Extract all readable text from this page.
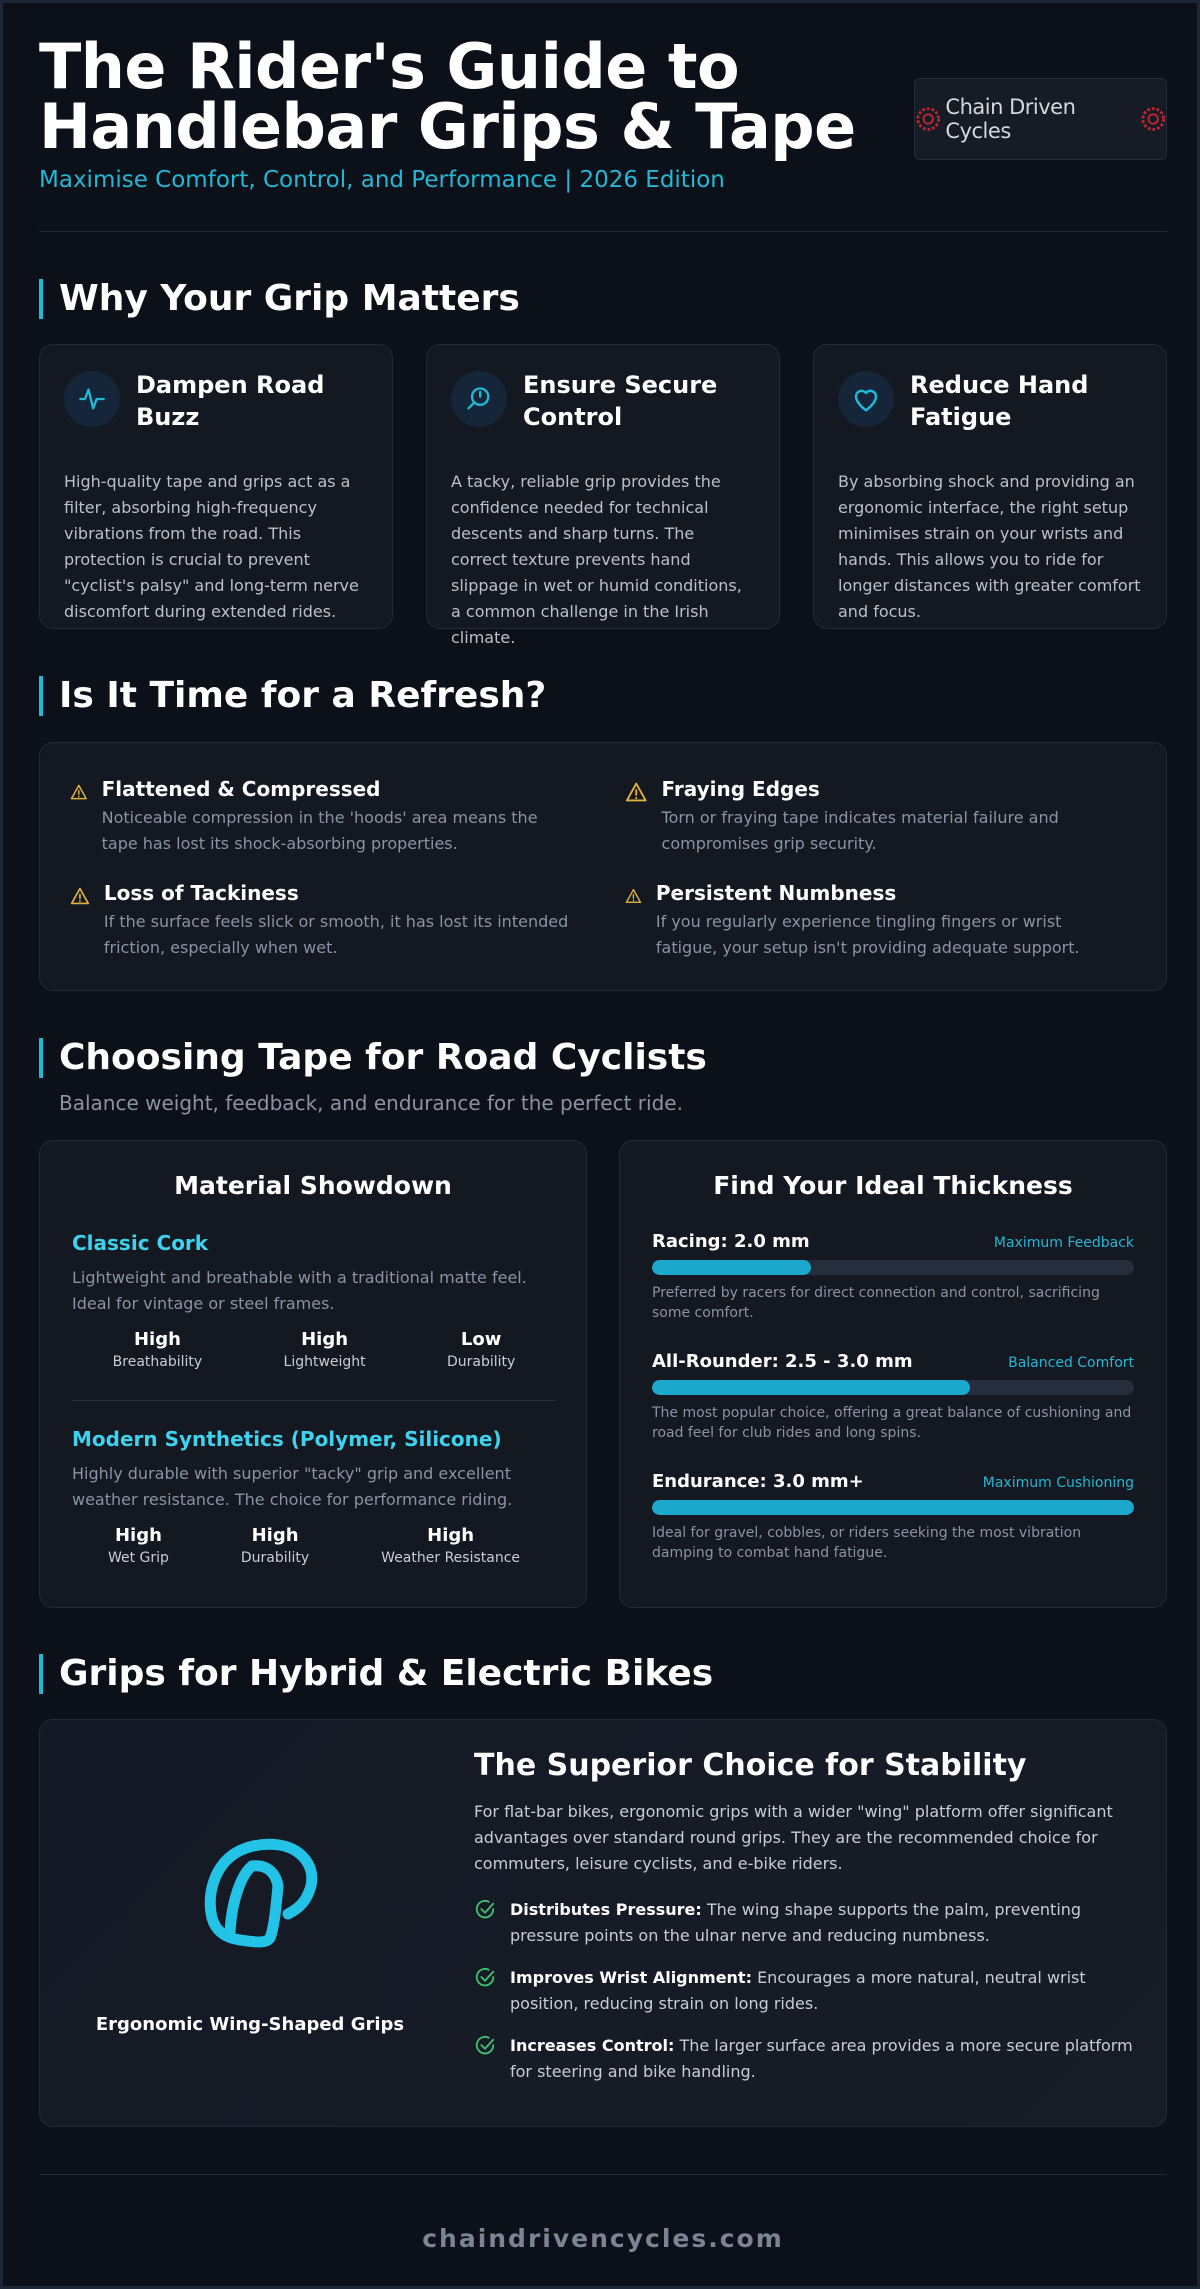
The Rider's Guide to
Handlebar Grips & Tape
Maximise Comfort, Control, and Performance | 2026 Edition
Chain Driven Cycles
Why Your Grip Matters
Dampen Road Buzz
High-quality tape and grips act as a filter, absorbing high-frequency vibrations from the road. This protection is crucial to prevent "cyclist's palsy" and long-term nerve discomfort during extended rides.
Ensure Secure Control
A tacky, reliable grip provides the confidence needed for technical descents and sharp turns. The correct texture prevents hand slippage in wet or humid conditions, a common challenge in the Irish climate.
Reduce Hand Fatigue
By absorbing shock and providing an ergonomic interface, the right setup minimises strain on your wrists and hands. This allows you to ride for longer distances with greater comfort and focus.
Is It Time for a Refresh?
Flattened & Compressed
Noticeable compression in the 'hoods' area means the tape has lost its shock-absorbing properties.
Fraying Edges
Torn or fraying tape indicates material failure and compromises grip security.
Loss of Tackiness
If the surface feels slick or smooth, it has lost its intended friction, especially when wet.
Persistent Numbness
If you regularly experience tingling fingers or wrist fatigue, your setup isn't providing adequate support.
Choosing Tape for Road Cyclists
Balance weight, feedback, and endurance for the perfect ride.
Material Showdown
Classic Cork
Lightweight and breathable with a traditional matte feel. Ideal for vintage or steel frames.
High
Breathability
High
Lightweight
Low
Durability
Modern Synthetics (Polymer, Silicone)
Highly durable with superior "tacky" grip and excellent weather resistance. The choice for performance riding.
High
Wet Grip
High
Durability
High
Weather Resistance
Find Your Ideal Thickness
Racing: 2.0 mm	Maximum Feedback
Preferred by racers for direct connection and control, sacrificing some comfort.
All-Rounder: 2.5 - 3.0 mm	Balanced Comfort
The most popular choice, offering a great balance of cushioning and road feel for club rides and long spins.
Endurance: 3.0 mm+	Maximum Cushioning
Ideal for gravel, cobbles, or riders seeking the most vibration damping to combat hand fatigue.
Grips for Hybrid & Electric Bikes
Ergonomic Wing-Shaped Grips
The Superior Choice for Stability
For flat-bar bikes, ergonomic grips with a wider "wing" platform offer significant advantages over standard round grips. They are the recommended choice for commuters, leisure cyclists, and e-bike riders.
Distributes Pressure: The wing shape supports the palm, preventing pressure points on the ulnar nerve and reducing numbness.
Improves Wrist Alignment: Encourages a more natural, neutral wrist position, reducing strain on long rides.
Increases Control: The larger surface area provides a more secure platform for steering and bike handling.
chaindrivencycles.com
